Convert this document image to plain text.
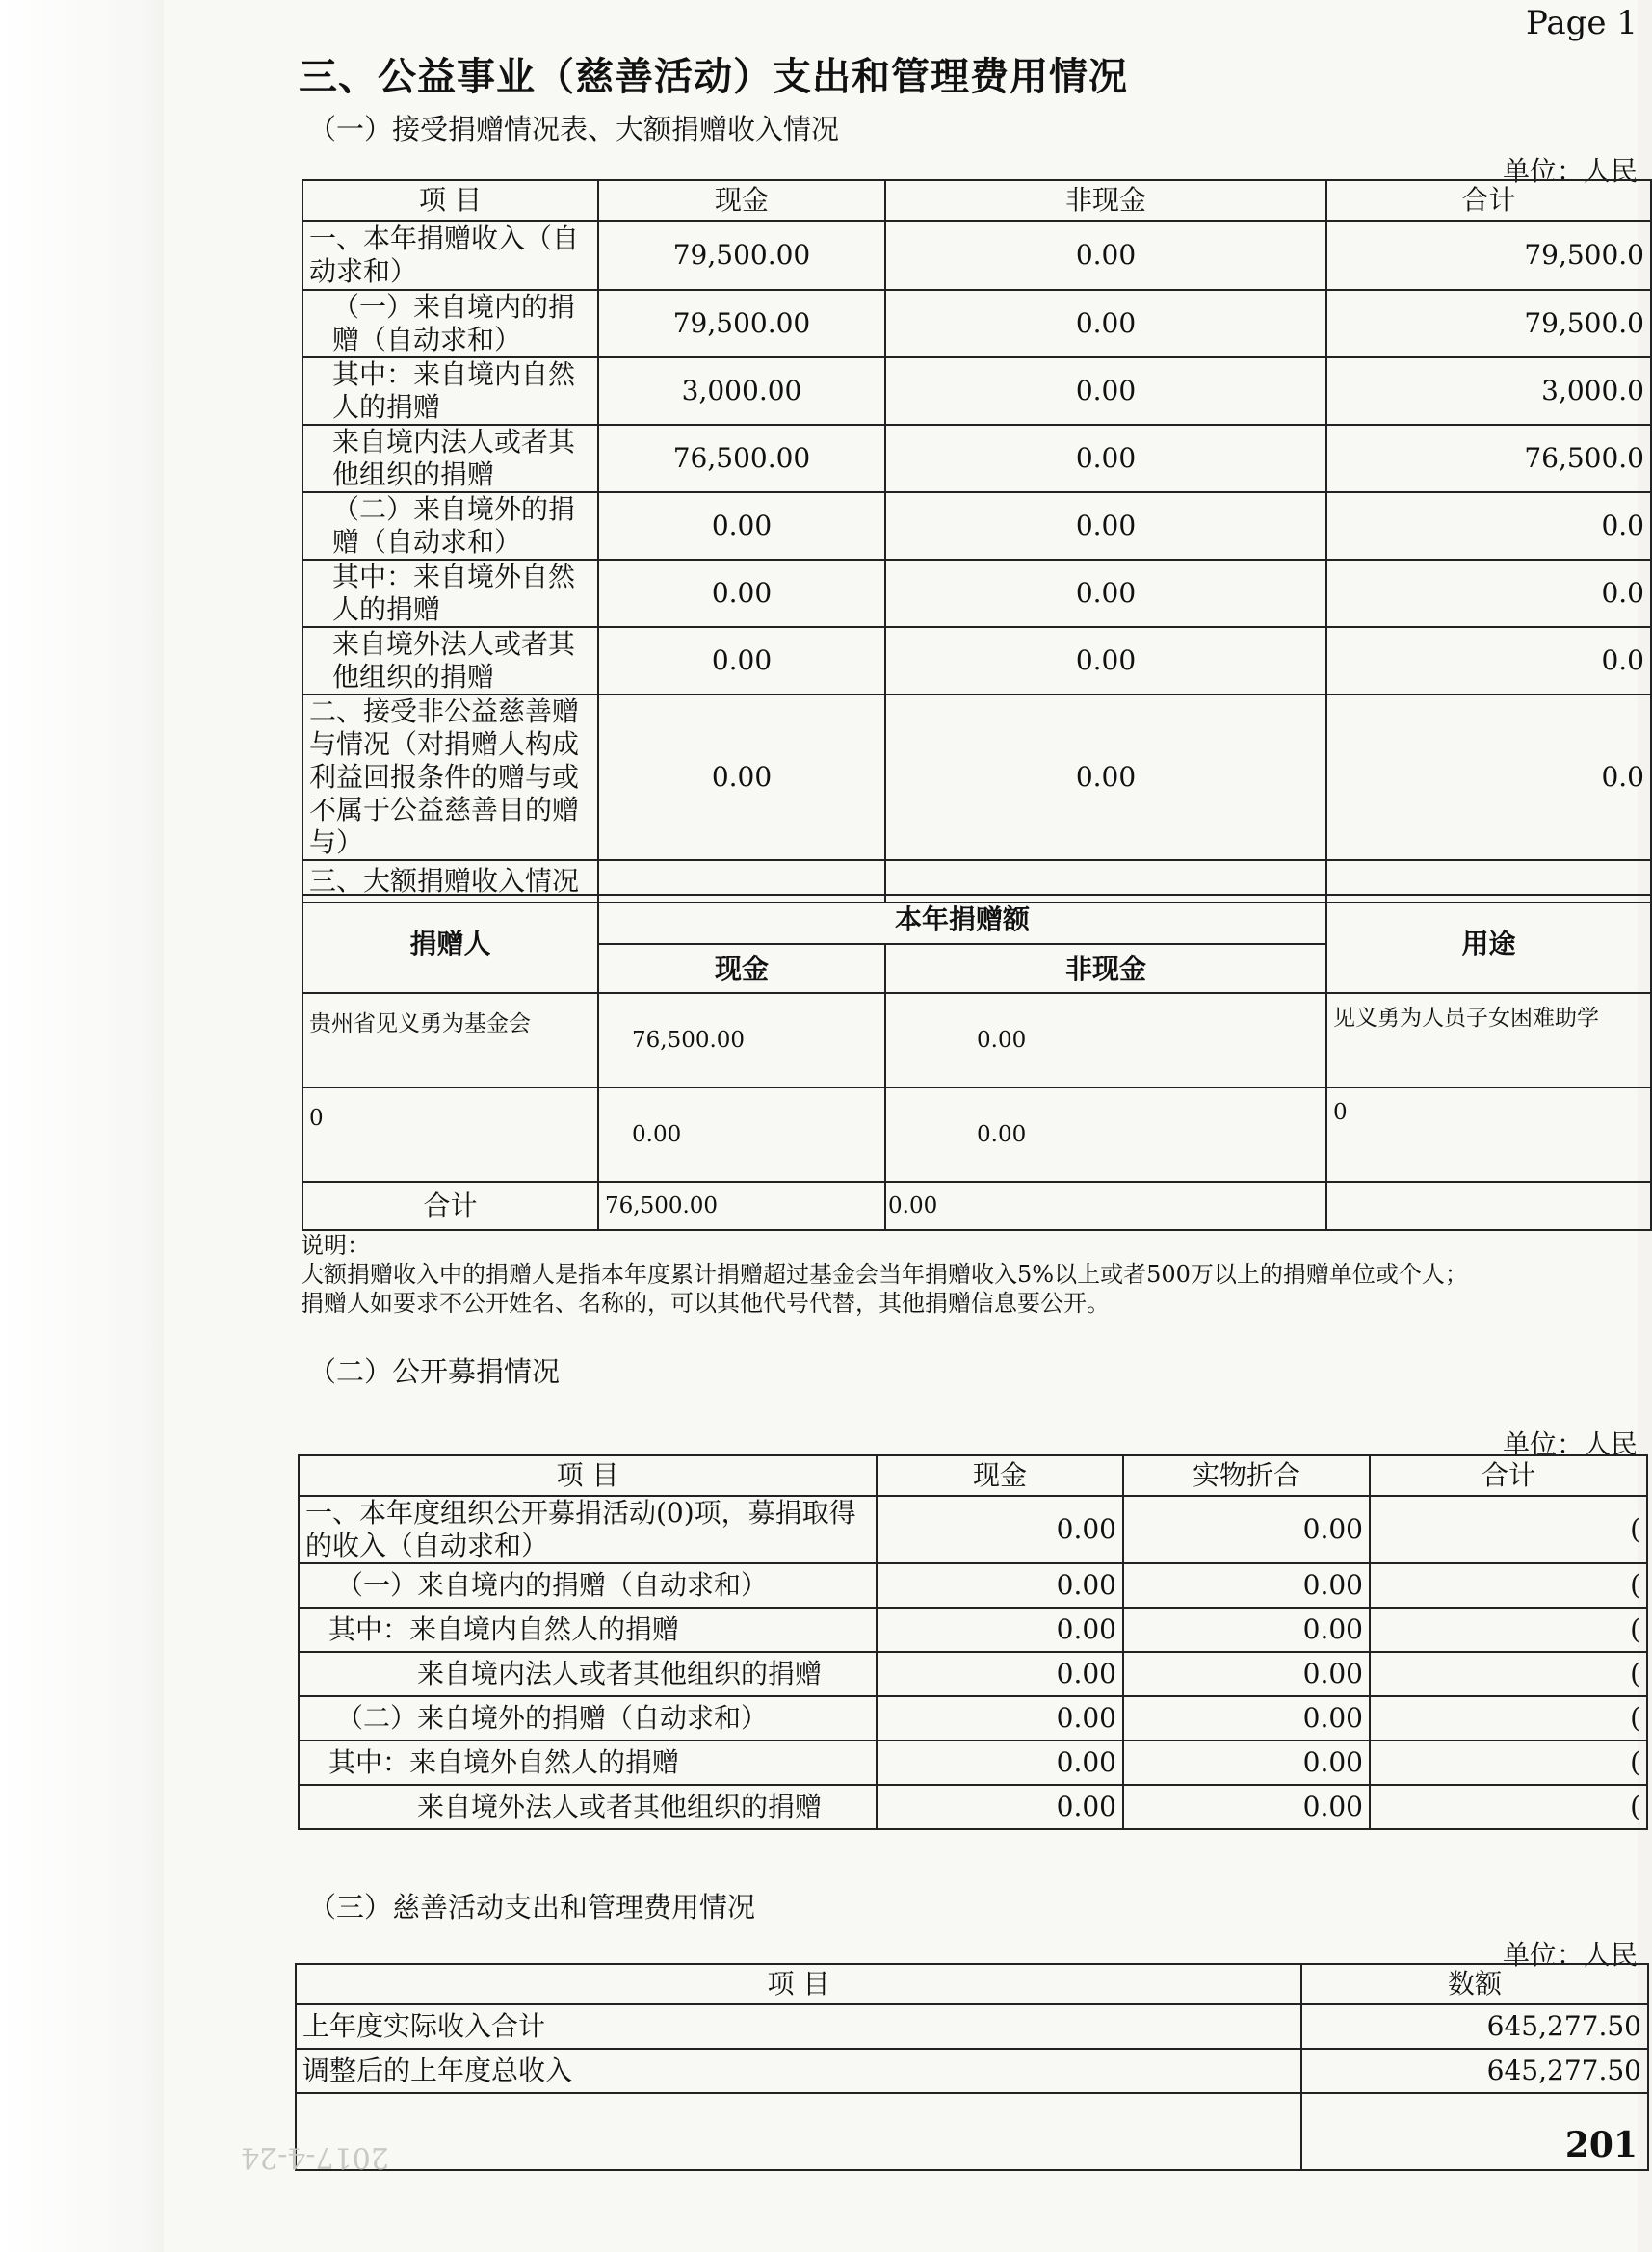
Page 1
三、公益事业（慈善活动）支出和管理费用情况
（一）接受捐赠情况表、大额捐赠收入情况
单位：人民
项 目	现金	非现金	合计
一、本年捐赠收入（自动求和）	79,500.00	0.00	79,500.0
（一）来自境内的捐赠（自动求和）	79,500.00	0.00	79,500.0
其中：来自境内自然人的捐赠	3,000.00	0.00	3,000.0
来自境内法人或者其他组织的捐赠	76,500.00	0.00	76,500.0
（二）来自境外的捐赠（自动求和）	0.00	0.00	0.0
其中：来自境外自然人的捐赠	0.00	0.00	0.0
来自境外法人或者其他组织的捐赠	0.00	0.00	0.0
二、接受非公益慈善赠与情况（对捐赠人构成利益回报条件的赠与或不属于公益慈善目的赠与）	0.00	0.00	0.0
三、大额捐赠收入情况			
捐赠人	本年捐赠额		用途
	现金	非现金	
贵州省见义勇为基金会	76,500.00	0.00	见义勇为人员子女困难助学
0	0.00	0.00	0
合计	76,500.00	0.00	
说明：
大额捐赠收入中的捐赠人是指本年度累计捐赠超过基金会当年捐赠收入5%以上或者500万以上的捐赠单位或个人；
捐赠人如要求不公开姓名、名称的，可以其他代号代替，其他捐赠信息要公开。
（二）公开募捐情况
单位：人民
项 目	现金	实物折合	合计
一、本年度组织公开募捐活动(0)项，募捐取得的收入（自动求和）	0.00	0.00	(
（一）来自境内的捐赠（自动求和）	0.00	0.00	(
其中：来自境内自然人的捐赠	0.00	0.00	(
来自境内法人或者其他组织的捐赠	0.00	0.00	(
（二）来自境外的捐赠（自动求和）	0.00	0.00	(
其中：来自境外自然人的捐赠	0.00	0.00	(
来自境外法人或者其他组织的捐赠	0.00	0.00	(
（三）慈善活动支出和管理费用情况
单位：人民
项 目	数额
上年度实际收入合计	645,277.50
调整后的上年度总收入	645,277.50

2017-4-24	201
